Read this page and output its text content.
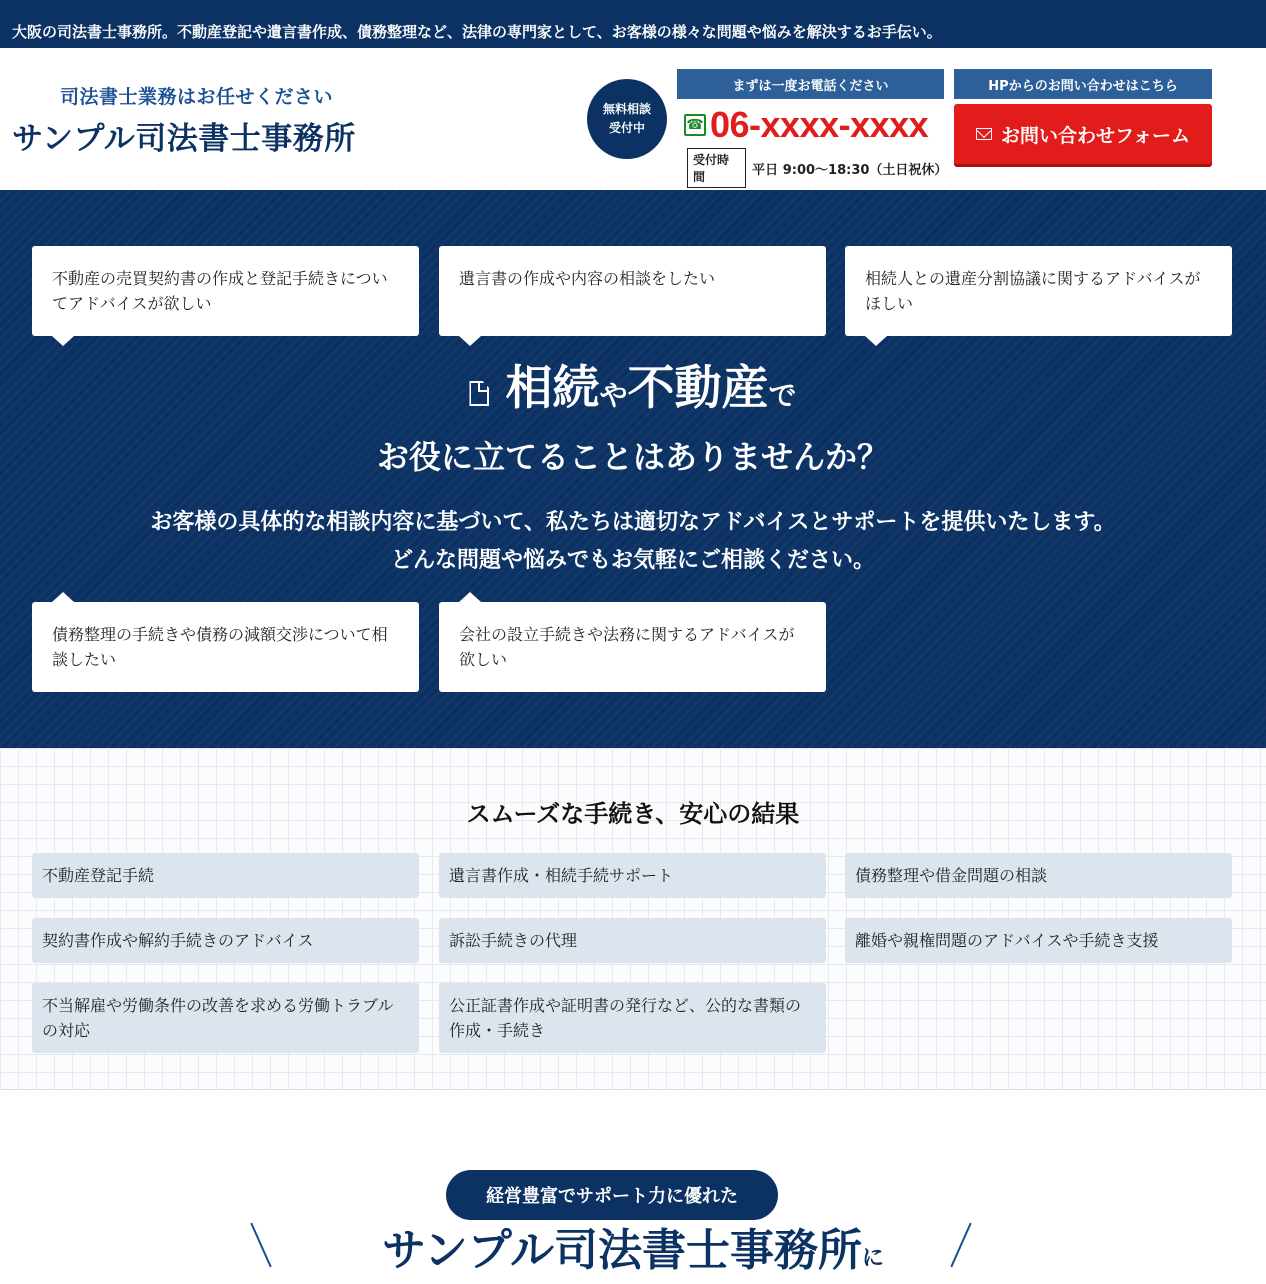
大阪の司法書士事務所。不動産登記や遺言書作成、債務整理など、法律の専門家として、お客様の様々な問題や悩みを解決するお手伝い。
司法書士業務はお任せください
サンプル司法書士事務所
無料相談
受付中
まずは一度お電話ください
☎ 06-xxxx-xxxx
受付時間	平日 9:00〜18:30（土日祝休）
HPからのお問い合わせはこちら
お問い合わせフォーム
不動産の売買契約書の作成と登記手続きについてアドバイスが欲しい
遺言書の作成や内容の相談をしたい	相続人との遺産分割協議に関するアドバイスがほしい
相続 や 不動産 で
お役に立てることはありませんか？
お客様の具体的な相談内容に基づいて、私たちは適切なアドバイスとサポートを提供いたします。
どんな問題や悩みでもお気軽にご相談ください。
債務整理の手続きや債務の減額交渉について相談したい
会社の設立手続きや法務に関するアドバイスが欲しい
スムーズな手続き、安心の結果
不動産登記手続	遺言書作成・相続手続サポート	債務整理や借金問題の相談
契約書作成や解約手続きのアドバイス	訴訟手続きの代理	離婚や親権問題のアドバイスや手続き支援
不当解雇や労働条件の改善を求める労働トラブルの対応
公正証書作成や証明書の発行など、公的な書類の作成・手続き
経営豊富でサポート力に優れた
サンプル司法書士事務所に
